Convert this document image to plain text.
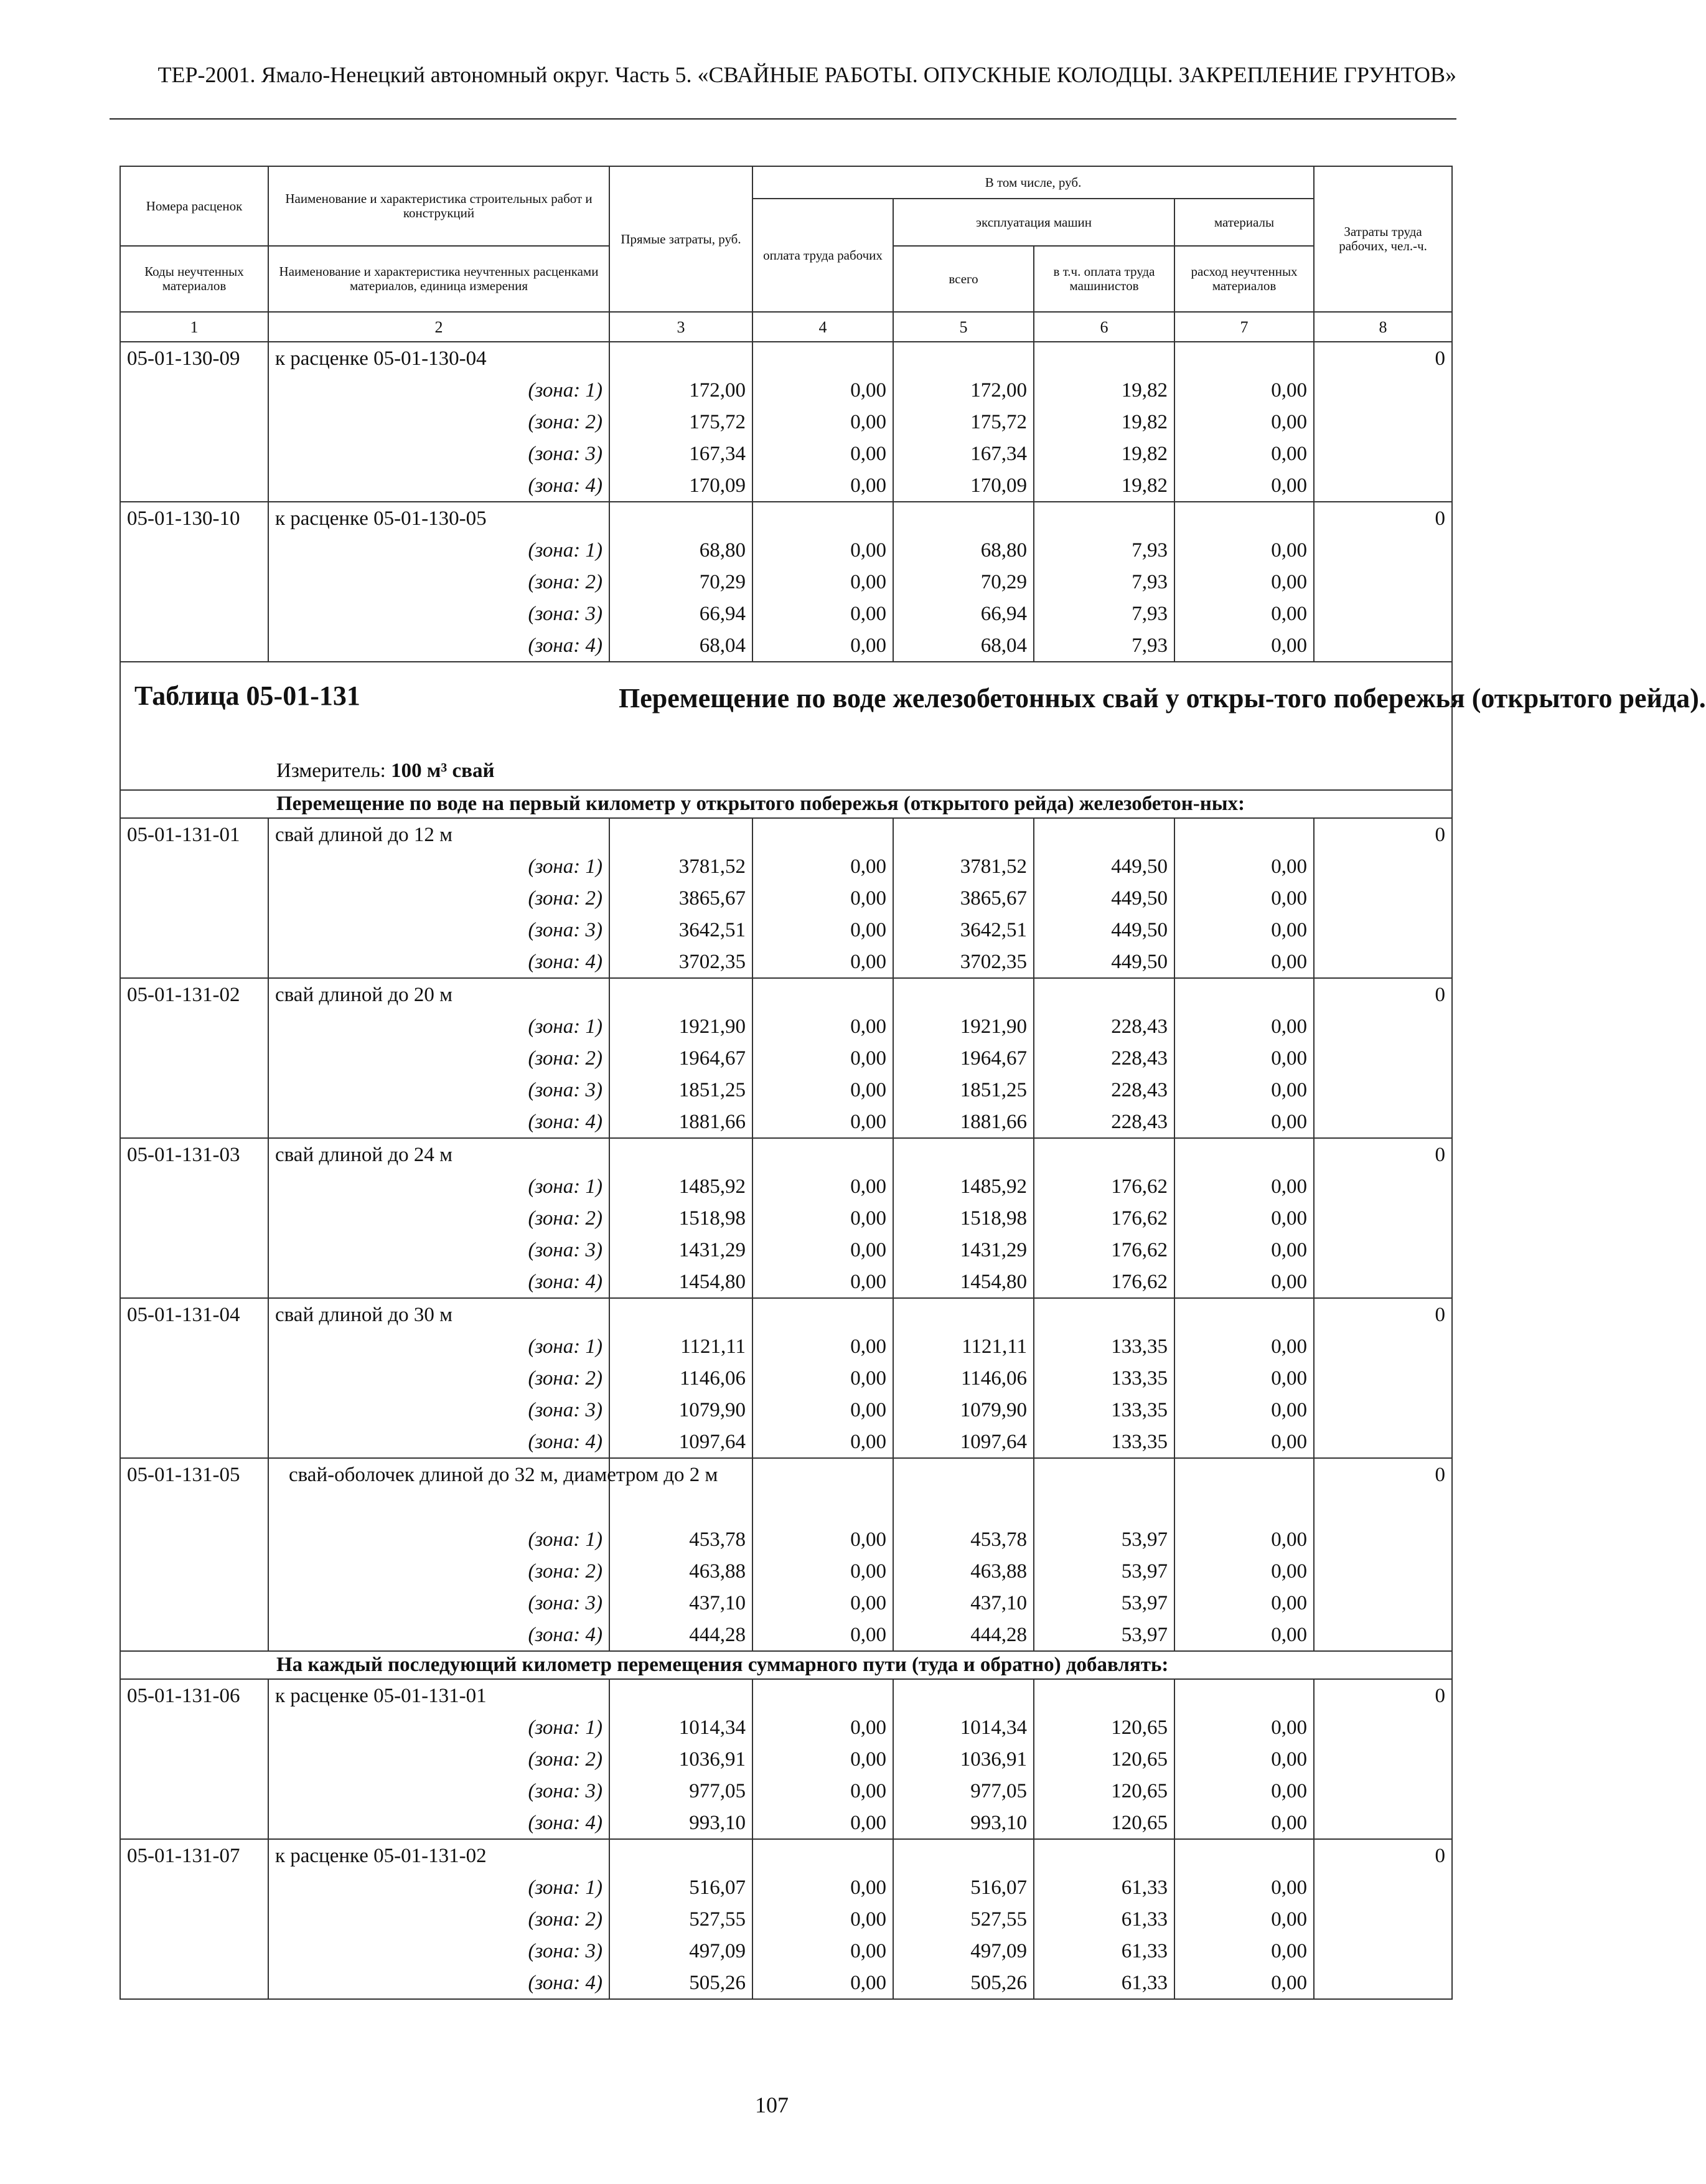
ТЕР-2001. Ямало-Ненецкий автономный округ. Часть 5. «СВАЙНЫЕ РАБОТЫ. ОПУСКНЫЕ КОЛОДЦЫ. ЗАКРЕПЛЕНИЕ ГРУНТОВ»
Номера расценок	Наименование и характеристика строительных работ и конструкций	Прямые затраты, руб.	В том числе, руб.				Затраты труда рабочих, чел.-ч.
			оплата труда рабочих	эксплуатация машин		материалы	
Коды неучтенных материалов	Наименование и характеристика неучтенных расценками материалов, единица измерения			всего	в т.ч. оплата труда машинистов	расход неучтенных материалов	
1	2	3	4	5	6	7	8
05-01-130-09	к расценке 05-01-130-04						0
	(зона: 1)	172,00	0,00	172,00	19,82	0,00	
	(зона: 2)	175,72	0,00	175,72	19,82	0,00	
	(зона: 3)	167,34	0,00	167,34	19,82	0,00	
	(зона: 4)	170,09	0,00	170,09	19,82	0,00	
05-01-130-10	к расценке 05-01-130-05						0
	(зона: 1)	68,80	0,00	68,80	7,93	0,00	
	(зона: 2)	70,29	0,00	70,29	7,93	0,00	
	(зона: 3)	66,94	0,00	66,94	7,93	0,00	
	(зона: 4)	68,04	0,00	68,04	7,93	0,00	

Таблица 05-01-131 Перемещение по воде железобетонных свай у откры-того побережья (открытого рейда).
Измеритель: 100 м³ свай							

Перемещение по воде на первый километр у открытого побережья (открытого рейда) железобетон-ных:							
05-01-131-01	свай длиной до 12 м						0
	(зона: 1)	3781,52	0,00	3781,52	449,50	0,00	
	(зона: 2)	3865,67	0,00	3865,67	449,50	0,00	
	(зона: 3)	3642,51	0,00	3642,51	449,50	0,00	
	(зона: 4)	3702,35	0,00	3702,35	449,50	0,00	
05-01-131-02	свай длиной до 20 м						0
	(зона: 1)	1921,90	0,00	1921,90	228,43	0,00	
	(зона: 2)	1964,67	0,00	1964,67	228,43	0,00	
	(зона: 3)	1851,25	0,00	1851,25	228,43	0,00	
	(зона: 4)	1881,66	0,00	1881,66	228,43	0,00	
05-01-131-03	свай длиной до 24 м						0
	(зона: 1)	1485,92	0,00	1485,92	176,62	0,00	
	(зона: 2)	1518,98	0,00	1518,98	176,62	0,00	
	(зона: 3)	1431,29	0,00	1431,29	176,62	0,00	
	(зона: 4)	1454,80	0,00	1454,80	176,62	0,00	
05-01-131-04	свай длиной до 30 м						0
	(зона: 1)	1121,11	0,00	1121,11	133,35	0,00	
	(зона: 2)	1146,06	0,00	1146,06	133,35	0,00	
	(зона: 3)	1079,90	0,00	1079,90	133,35	0,00	
	(зона: 4)	1097,64	0,00	1097,64	133,35	0,00	
05-01-131-05	свай-оболочек длиной до 32 м, диаметром до 2 м						0
	(зона: 1)	453,78	0,00	453,78	53,97	0,00	
	(зона: 2)	463,88	0,00	463,88	53,97	0,00	
	(зона: 3)	437,10	0,00	437,10	53,97	0,00	
	(зона: 4)	444,28	0,00	444,28	53,97	0,00	
На каждый последующий километр перемещения суммарного пути (туда и обратно) добавлять:							
05-01-131-06	к расценке 05-01-131-01						0
	(зона: 1)	1014,34	0,00	1014,34	120,65	0,00	
	(зона: 2)	1036,91	0,00	1036,91	120,65	0,00	
	(зона: 3)	977,05	0,00	977,05	120,65	0,00	
	(зона: 4)	993,10	0,00	993,10	120,65	0,00	
05-01-131-07	к расценке 05-01-131-02						0
	(зона: 1)	516,07	0,00	516,07	61,33	0,00	
	(зона: 2)	527,55	0,00	527,55	61,33	0,00	
	(зона: 3)	497,09	0,00	497,09	61,33	0,00	
	(зона: 4)	505,26	0,00	505,26	61,33	0,00	
107
